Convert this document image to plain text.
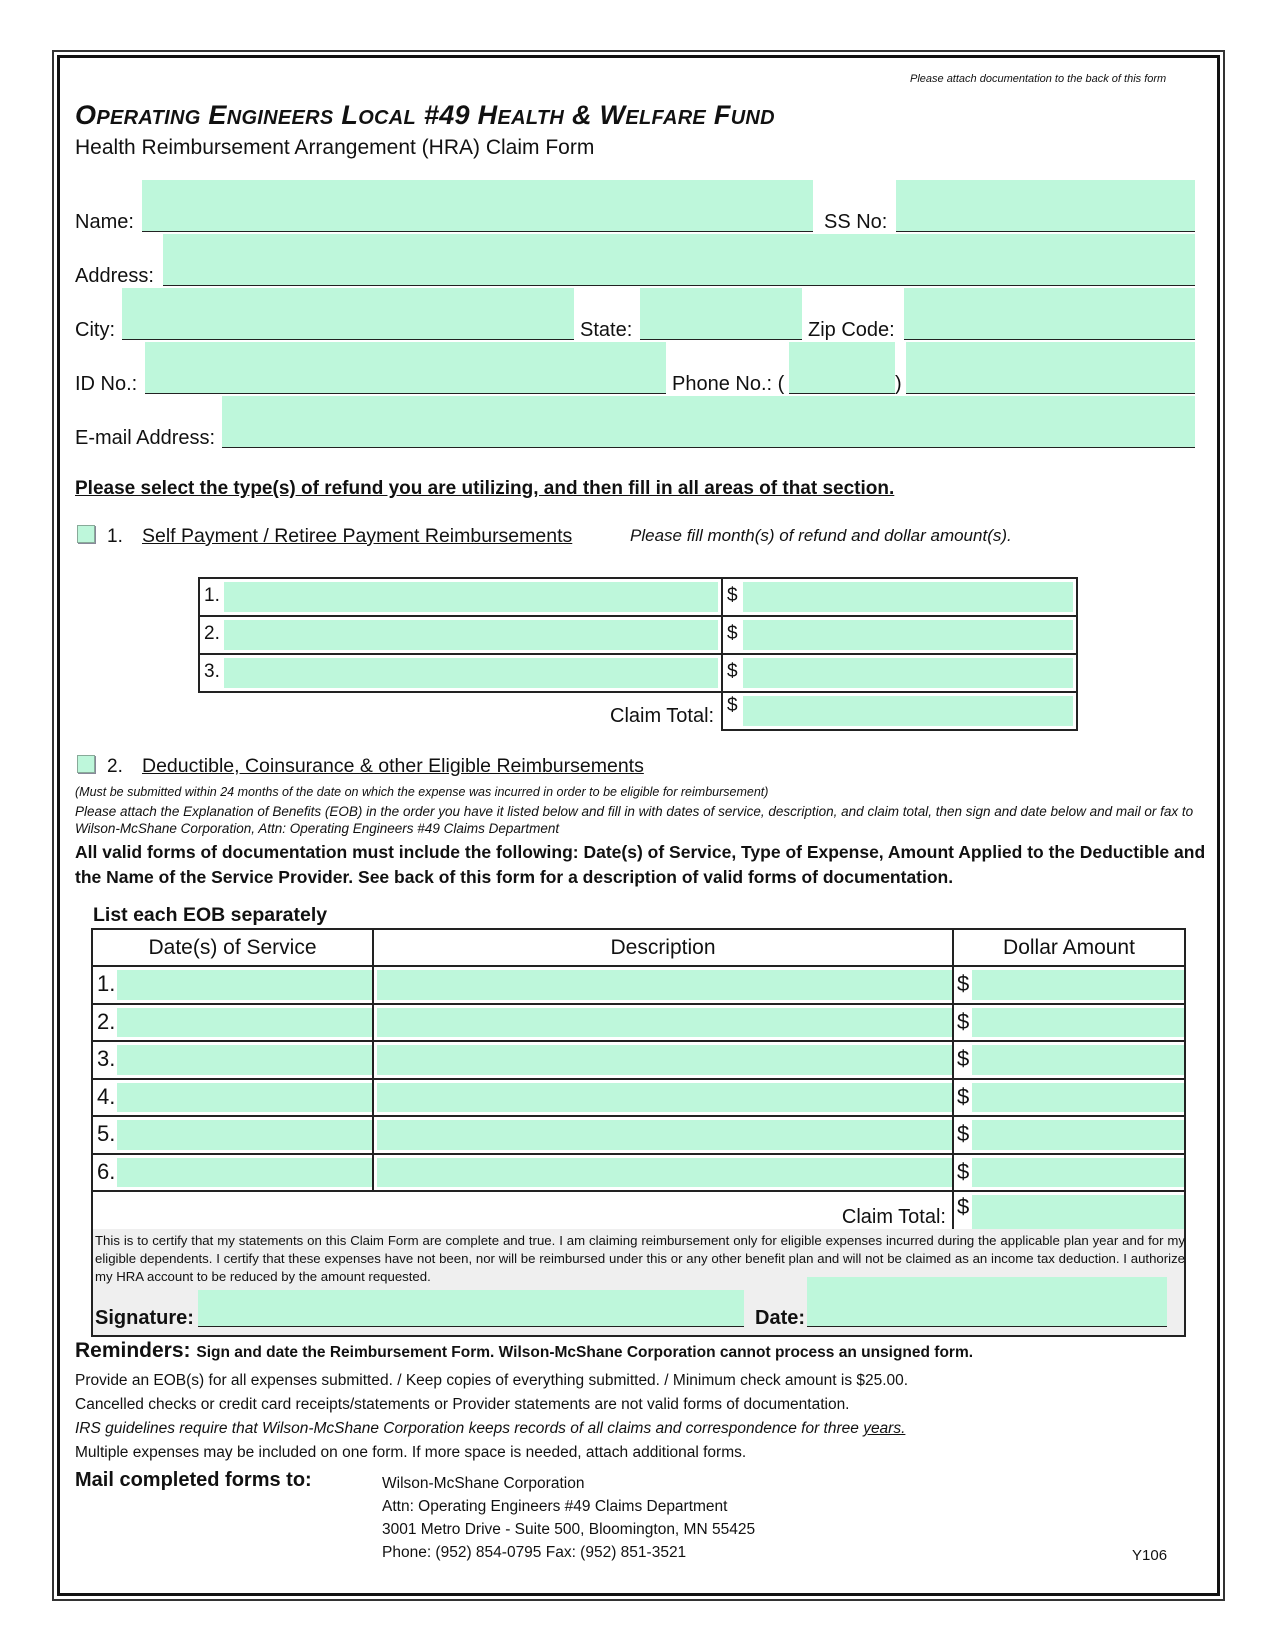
Please attach documentation to the back of this form
OPERATING ENGINEERS LOCAL #49 HEALTH & WELFARE FUND
Health Reimbursement Arrangement (HRA) Claim Form
Name:	SS No:
Address:
City:	State:	Zip Code:
ID No.:	Phone No.: (	)
E-mail Address:
Please select the type(s) of refund you are utilizing, and then fill in all areas of that section.
1. Self Payment / Retiree Payment Reimbursements	Please fill month(s) of refund and dollar amount(s).
1.	$

2.	$

3.	$

	$
Claim Total:
2. Deductible, Coinsurance & other Eligible Reimbursements
(Must be submitted within 24 months of the date on which the expense was incurred in order to be eligible for reimbursement)
Please attach the Explanation of Benefits (EOB) in the order you have it listed below and fill in with dates of service, description, and claim total, then sign and date below and mail or fax to Wilson-McShane Corporation, Attn: Operating Engineers #49 Claims Department
All valid forms of documentation must include the following: Date(s) of Service, Type of Expense, Amount Applied to the Deductible and the Name of the Service Provider. See back of this form for a description of valid forms of documentation.
List each EOB separately
Date(s) of Service	Description	Dollar Amount

1.		$

2.		$

3.		$

4.		$

5.		$

6.		$

Claim Total:		$
This is to certify that my statements on this Claim Form are complete and true. I am claiming reimbursement only for eligible expenses incurred during the applicable plan year and for my eligible dependents. I certify that these expenses have not been, nor will be reimbursed under this or any other benefit plan and will not be claimed as an income tax deduction. I authorize my HRA account to be reduced by the amount requested.
Signature:	Date:
Reminders: Sign and date the Reimbursement Form. Wilson-McShane Corporation cannot process an unsigned form.
Provide an EOB(s) for all expenses submitted. / Keep copies of everything submitted. / Minimum check amount is $25.00.
Cancelled checks or credit card receipts/statements or Provider statements are not valid forms of documentation.
IRS guidelines require that Wilson-McShane Corporation keeps records of all claims and correspondence for three years.
Multiple expenses may be included on one form. If more space is needed, attach additional forms.
Mail completed forms to:	Wilson-McShane Corporation
Attn: Operating Engineers #49 Claims Department
3001 Metro Drive - Suite 500, Bloomington, MN 55425
Phone: (952) 854-0795 Fax: (952) 851-3521	Y106
